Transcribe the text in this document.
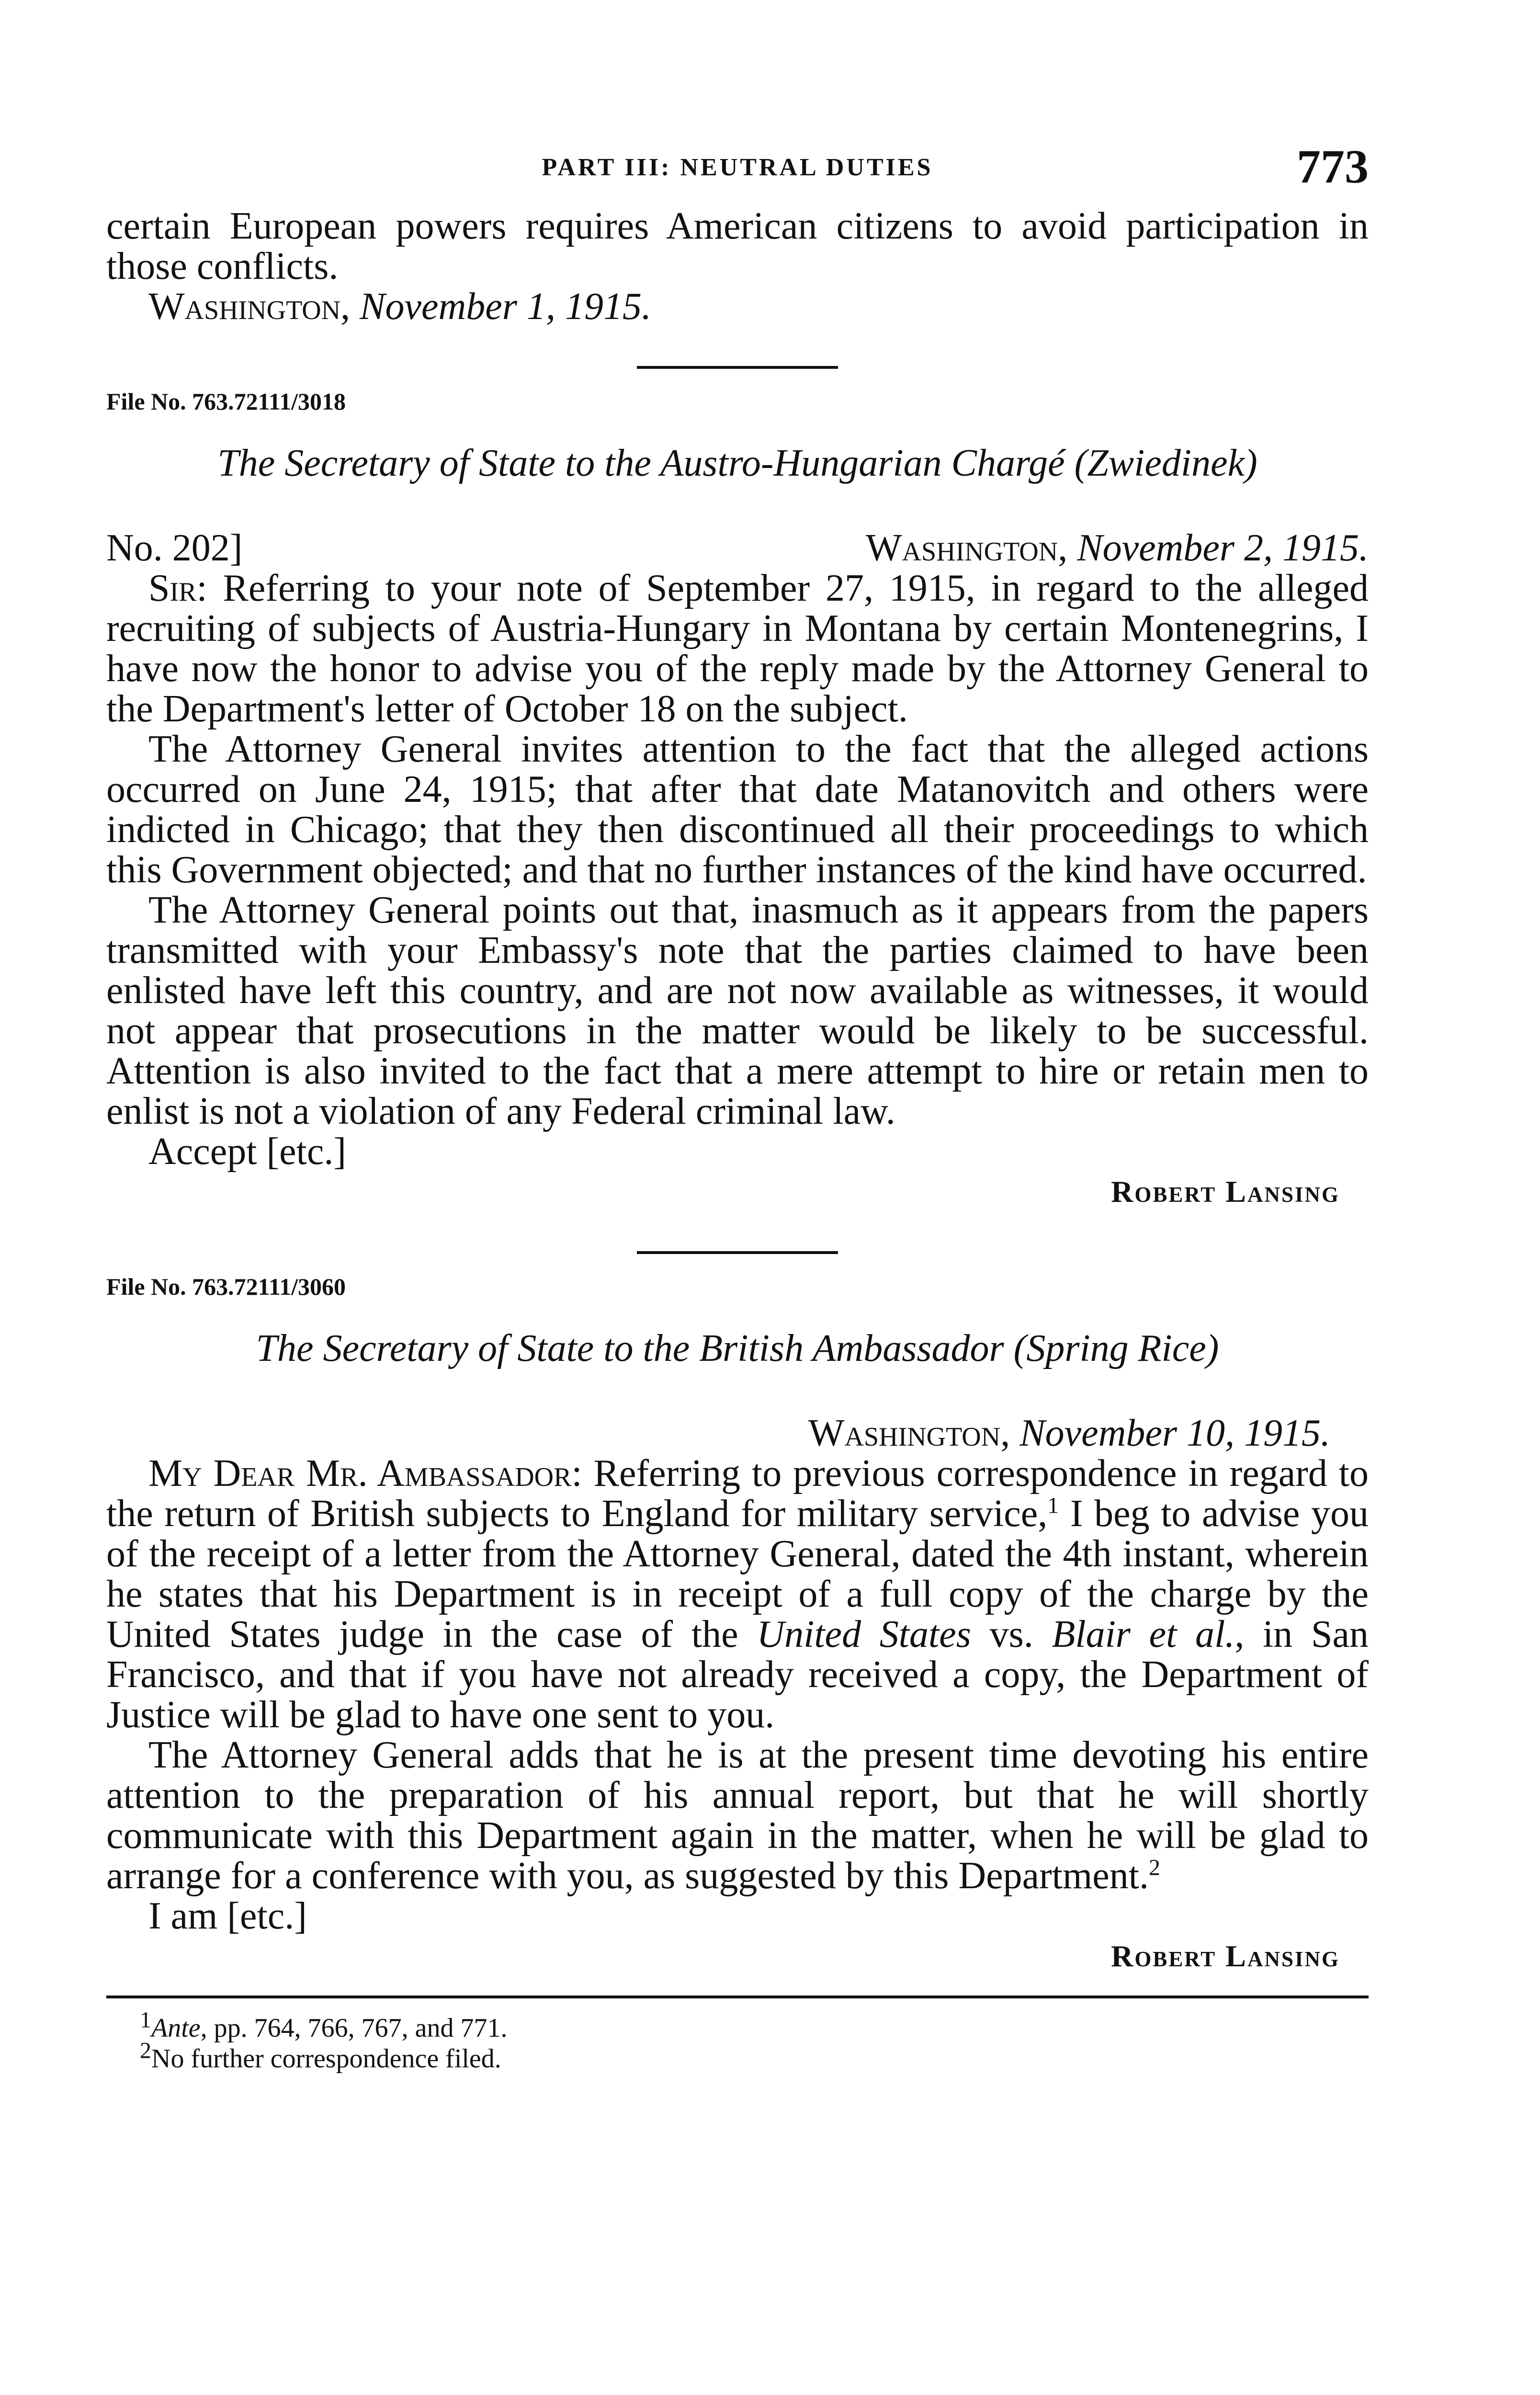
PART III: NEUTRAL DUTIES	773

certain European powers requires American citizens to avoid participation in those conflicts.

Washington, November 1, 1915.

File No. 763.72111/3018
The Secretary of State to the Austro-Hungarian Chargé (Zwiedinek)
No. 202]	Washington, November 2, 1915.

Sir: Referring to your note of September 27, 1915, in regard to the alleged recruiting of subjects of Austria-Hungary in Montana by certain Montenegrins, I have now the honor to advise you of the reply made by the Attorney General to the Department's letter of October 18 on the subject.

The Attorney General invites attention to the fact that the alleged actions occurred on June 24, 1915; that after that date Matanovitch and others were indicted in Chicago; that they then discontinued all their proceedings to which this Government objected; and that no further instances of the kind have occurred.

The Attorney General points out that, inasmuch as it appears from the papers transmitted with your Embassy's note that the parties claimed to have been enlisted have left this country, and are not now available as witnesses, it would not appear that prosecutions in the matter would be likely to be successful. Attention is also invited to the fact that a mere attempt to hire or retain men to enlist is not a violation of any Federal criminal law.

Accept [etc.]

Robert Lansing
File No. 763.72111/3060
The Secretary of State to the British Ambassador (Spring Rice)
Washington, November 10, 1915.

My Dear Mr. Ambassador: Referring to previous correspondence in regard to the return of British subjects to England for military service,$^1$ I beg to advise you of the receipt of a letter from the Attorney General, dated the 4th instant, wherein he states that his Department is in receipt of a full copy of the charge by the United States judge in the case of the United States vs. Blair et al., in San Francisco, and that if you have not already received a copy, the Department of Justice will be glad to have one sent to you.

The Attorney General adds that he is at the present time devoting his entire attention to the preparation of his annual report, but that he will shortly communicate with this Department again in the matter, when he will be glad to arrange for a conference with you, as suggested by this Department.$^2$

I am [etc.]

Robert Lansing
$^1$Ante, pp. 764, 766, 767, and 771.
$^2$No further correspondence filed.
